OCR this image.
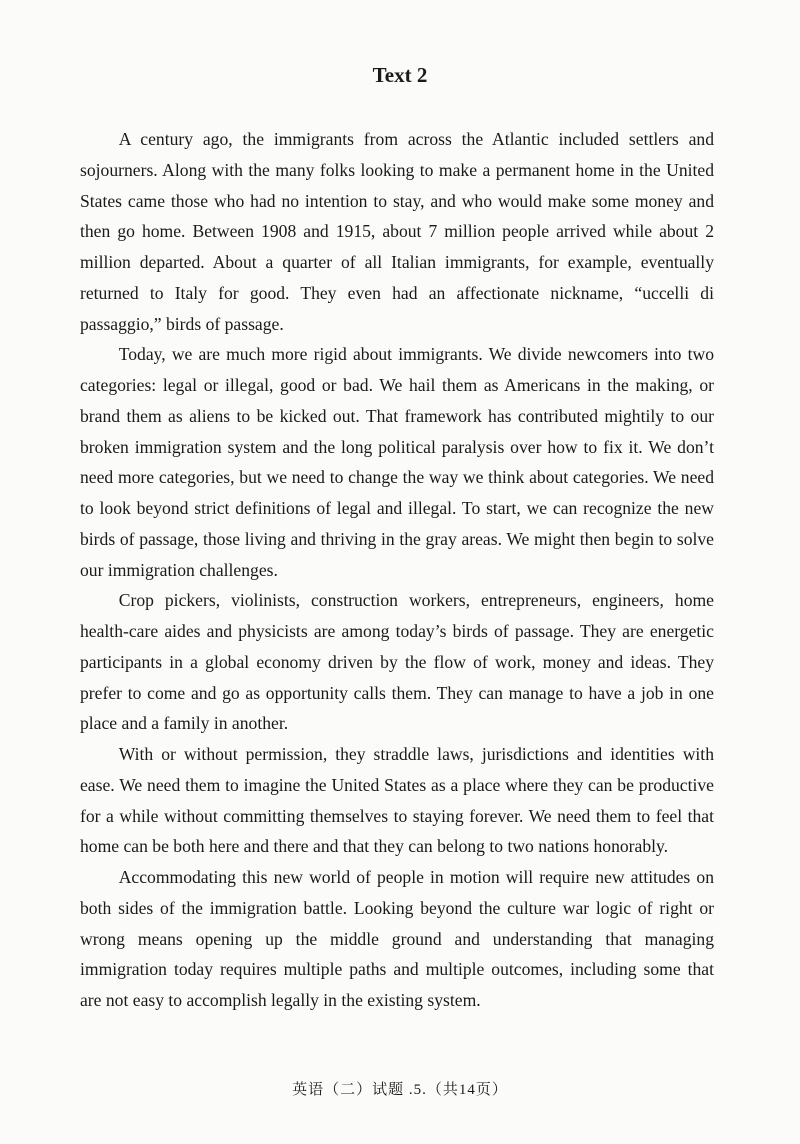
Text 2

A century ago, the immigrants from across the Atlantic included settlers and sojourners. Along with the many folks looking to make a permanent home in the United States came those who had no intention to stay, and who would make some money and then go home. Between 1908 and 1915, about 7 million people arrived while about 2 million departed. About a quarter of all Italian immigrants, for example, eventually returned to Italy for good. They even had an affectionate nickname, “uccelli di passaggio,” birds of passage.

Today, we are much more rigid about immigrants. We divide newcomers into two categories: legal or illegal, good or bad. We hail them as Americans in the making, or brand them as aliens to be kicked out. That framework has contributed mightily to our broken immigration system and the long political paralysis over how to fix it. We don’t need more categories, but we need to change the way we think about categories. We need to look beyond strict definitions of legal and illegal. To start, we can recognize the new birds of passage, those living and thriving in the gray areas. We might then begin to solve our immigration challenges.

Crop pickers, violinists, construction workers, entrepreneurs, engineers, home health-care aides and physicists are among today’s birds of passage. They are energetic participants in a global economy driven by the flow of work, money and ideas. They prefer to come and go as opportunity calls them. They can manage to have a job in one place and a family in another.

With or without permission, they straddle laws, jurisdictions and identities with ease. We need them to imagine the United States as a place where they can be productive for a while without committing themselves to staying forever. We need them to feel that home can be both here and there and that they can belong to two nations honorably.

Accommodating this new world of people in motion will require new attitudes on both sides of the immigration battle. Looking beyond the culture war logic of right or wrong means opening up the middle ground and understanding that managing immigration today requires multiple paths and multiple outcomes, including some that are not easy to accomplish legally in the existing system.

英语（二）试题 .5.（共14页）
